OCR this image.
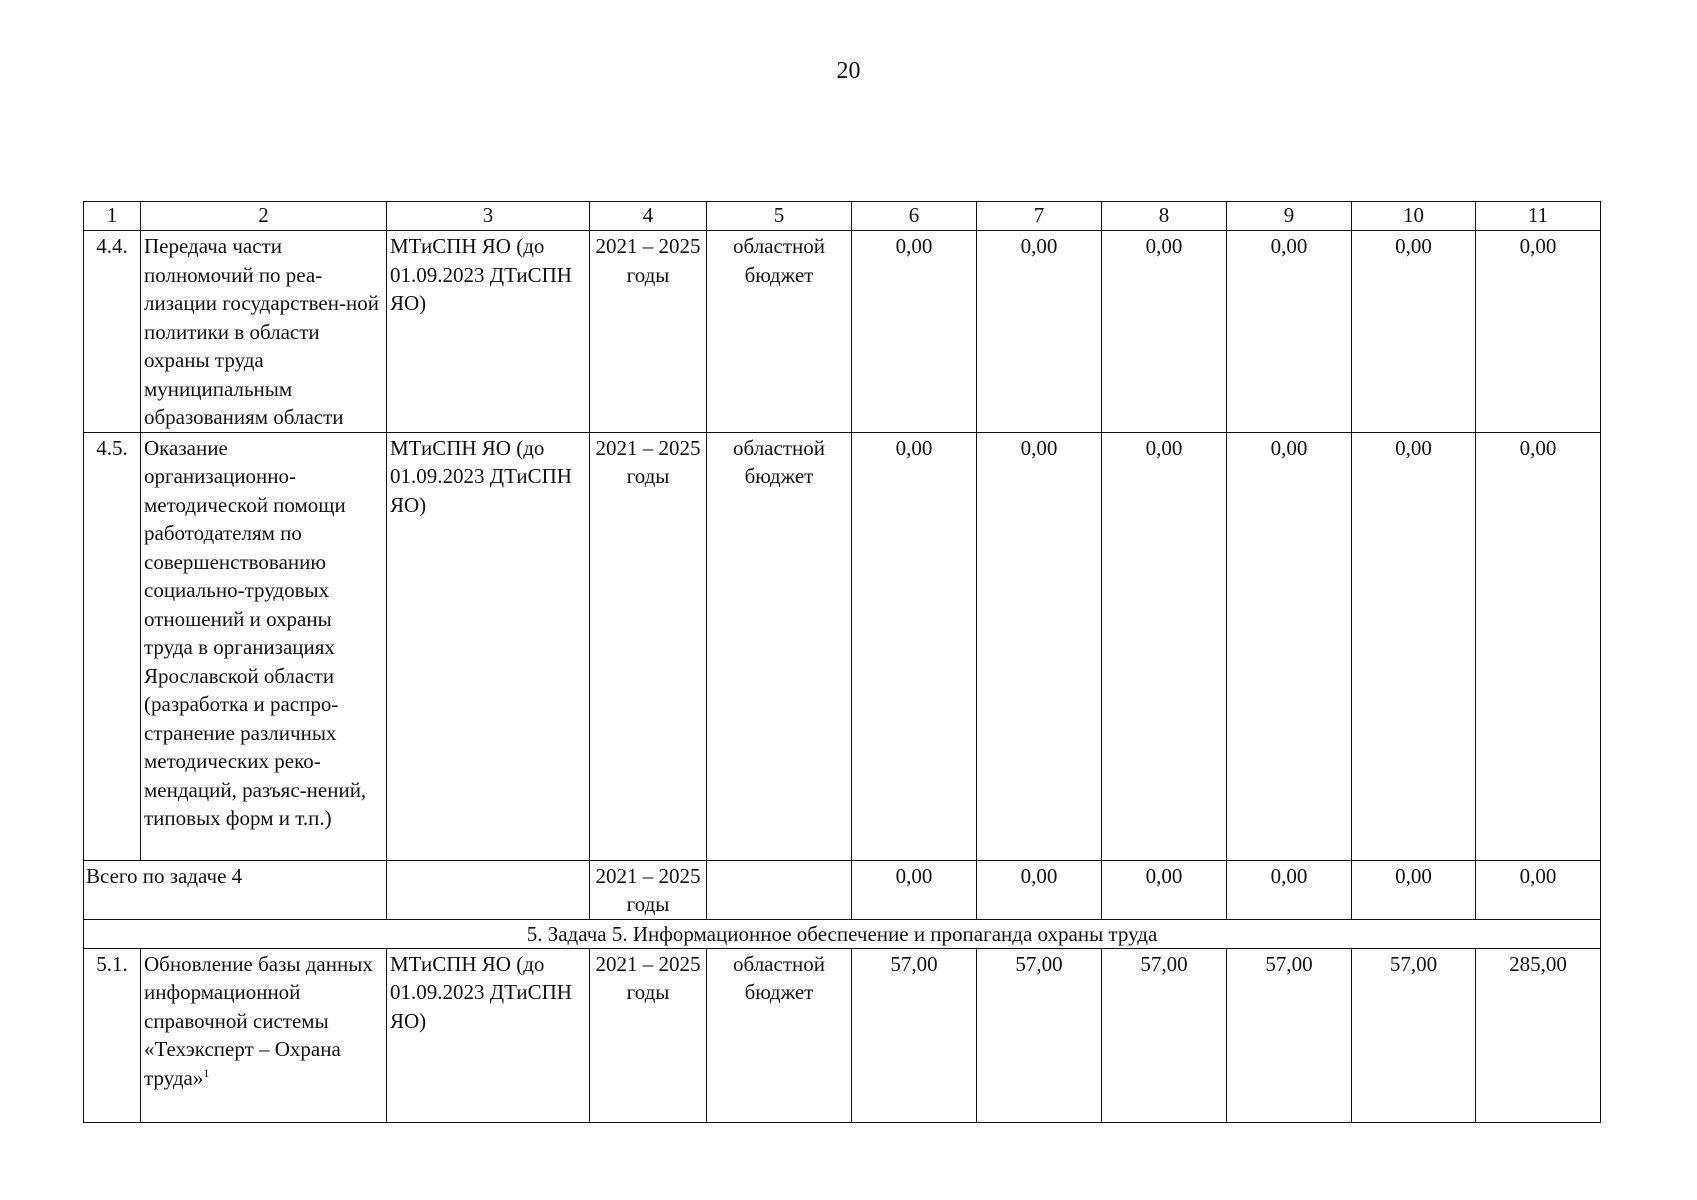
20
1	2	3	4	5	6	7	8	9	10	11
4.4.	Передача части полномочий по реа-лизации государствен-ной политики в области охраны труда муниципальным образованиям области	МТиСПН ЯО (до 01.09.2023 ДТиСПН ЯО)	2021 – 2025 годы	областной бюджет	0,00	0,00	0,00	0,00	0,00	0,00
4.5.	Оказание организационно-методической помощи работодателям по совершенствованию социально-трудовых отношений и охраны труда в организациях Ярославской области (разработка и распро-странение различных методических реко-мендаций, разъяс-нений, типовых форм и т.п.)	МТиСПН ЯО (до 01.09.2023 ДТиСПН ЯО)	2021 – 2025 годы	областной бюджет	0,00	0,00	0,00	0,00	0,00	0,00
Всего по задаче 4			2021 – 2025 годы		0,00	0,00	0,00	0,00	0,00	0,00
5. Задача 5. Информационное обеспечение и пропаганда охраны труда										
5.1.	Обновление базы данных информационной справочной системы «Техэксперт – Охрана труда»$^1$	МТиСПН ЯО (до 01.09.2023 ДТиСПН ЯО)	2021 – 2025 годы	областной бюджет	57,00	57,00	57,00	57,00	57,00	285,00
